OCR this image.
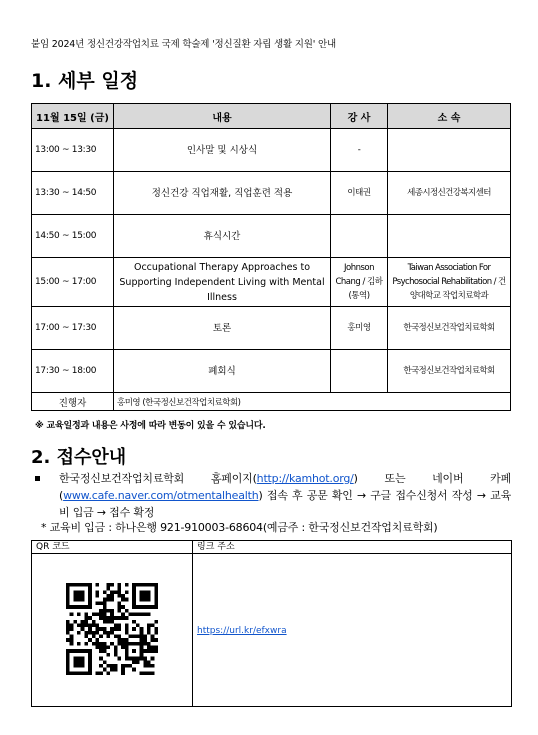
붙임 2024년 정신건강작업치료 국제 학술제 '정신질환 자립 생활 지원' 안내
1. 세부 일정
11월 15일 (금)	내용	강 사	소 속
13:00 ~ 13:30	인사말 및 시상식	-	
13:30 ~ 14:50	정신건강 직업재활, 직업훈련 적용	이태권	세종시정신건강복지센터
14:50 ~ 15:00	휴식시간		
15:00 ~ 17:00	Occupational Therapy Approaches to Supporting Independent Living with Mental Illness	Johnson Chang / 김하(통역)	Taiwan Association For Psychosocial Rehabilitation / 건양대학교 작업치료학과
17:00 ~ 17:30	토론	홍미영	한국정신보건작업치료학회
17:30 ~ 18:00	폐회식		한국정신보건작업치료학회
진행자	홍미영 (한국정신보건작업치료학회)		
※ 교육일정과 내용은 사정에 따라 변동이 있을 수 있습니다.
2. 접수안내
한국정신보건작업치료학회 홈페이지(http://kamhot.org/) 또는 네이버 카페 (www.cafe.naver.com/otmentalhealth) 접속 후 공문 확인 → 구글 접수신청서 작성 → 교육비 입금 → 접수 확정
* 교육비 입금 : 하나은행 921-910003-68604(예금주 : 한국정신보건작업치료학회)
QR 코드	링크 주소
	https://url.kr/efxwra
